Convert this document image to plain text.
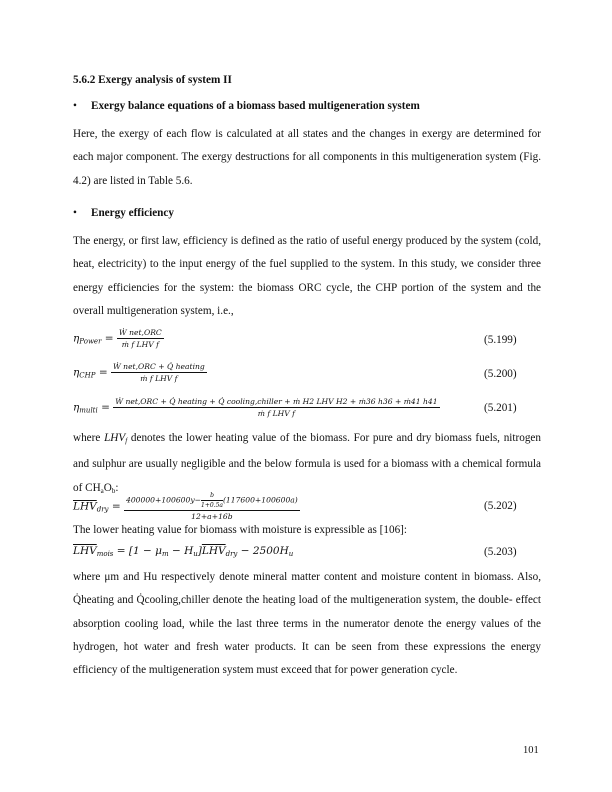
5.6.2 Exergy analysis of system II
• Exergy balance equations of a biomass based multigeneration system
Here, the exergy of each flow is calculated at all states and the changes in exergy are determined for each major component. The exergy destructions for all components in this multigeneration system (Fig. 4.2) are listed in Table 5.6.
• Energy efficiency
The energy, or first law, efficiency is defined as the ratio of useful energy produced by the system (cold, heat, electricity) to the input energy of the fuel supplied to the system. In this study, we consider three energy efficiencies for the system: the biomass ORC cycle, the CHP portion of the system and the overall multigeneration system, i.e.,
$\eta_{Power} = \frac{\text{Ẇ net,ORC}}{\text{ṁ f LHV f}}$	(5.199)
$\eta_{CHP} = \frac{\text{Ẇ net,ORC + Q̇ heating}}{\text{ṁ f LHV f}}$	(5.200)
$\eta_{multi}$ = Ẇ net,ORC + Q̇ heating + Q̇ cooling,chiller + ṁ H2 LHV H2 + ṁ36 h36 + ṁ41 h41
ṁ f LHV f	(5.201)
where $LHV_f$ denotes the lower heating value of the biomass. For pure and dry biomass fuels, nitrogen and sulphur are usually negligible and the below formula is used for a biomass with a chemical formula of $CH_aO_b$:
$\overline{LHV}_{dry} = \frac{400000+100600y- \frac{b}{1+0.5a} (117600+100600a)}{12+a+16b}$	(5.202)
The lower heating value for biomass with moisture is expressible as [106]:
$\overline{LHV}_{mois} = [1 - \mu_m - H_u]\overline{LHV}_{dry} - 2500H_u$	(5.203)
where μm and Hu respectively denote mineral matter content and moisture content in biomass. Also, Q̇heating and Q̇cooling,chiller denote the heating load of the multigeneration system, the double- effect absorption cooling load, while the last three terms in the numerator denote the energy values of the hydrogen, hot water and fresh water products. It can be seen from these expressions the energy efficiency of the multigeneration system must exceed that for power generation cycle.
101
